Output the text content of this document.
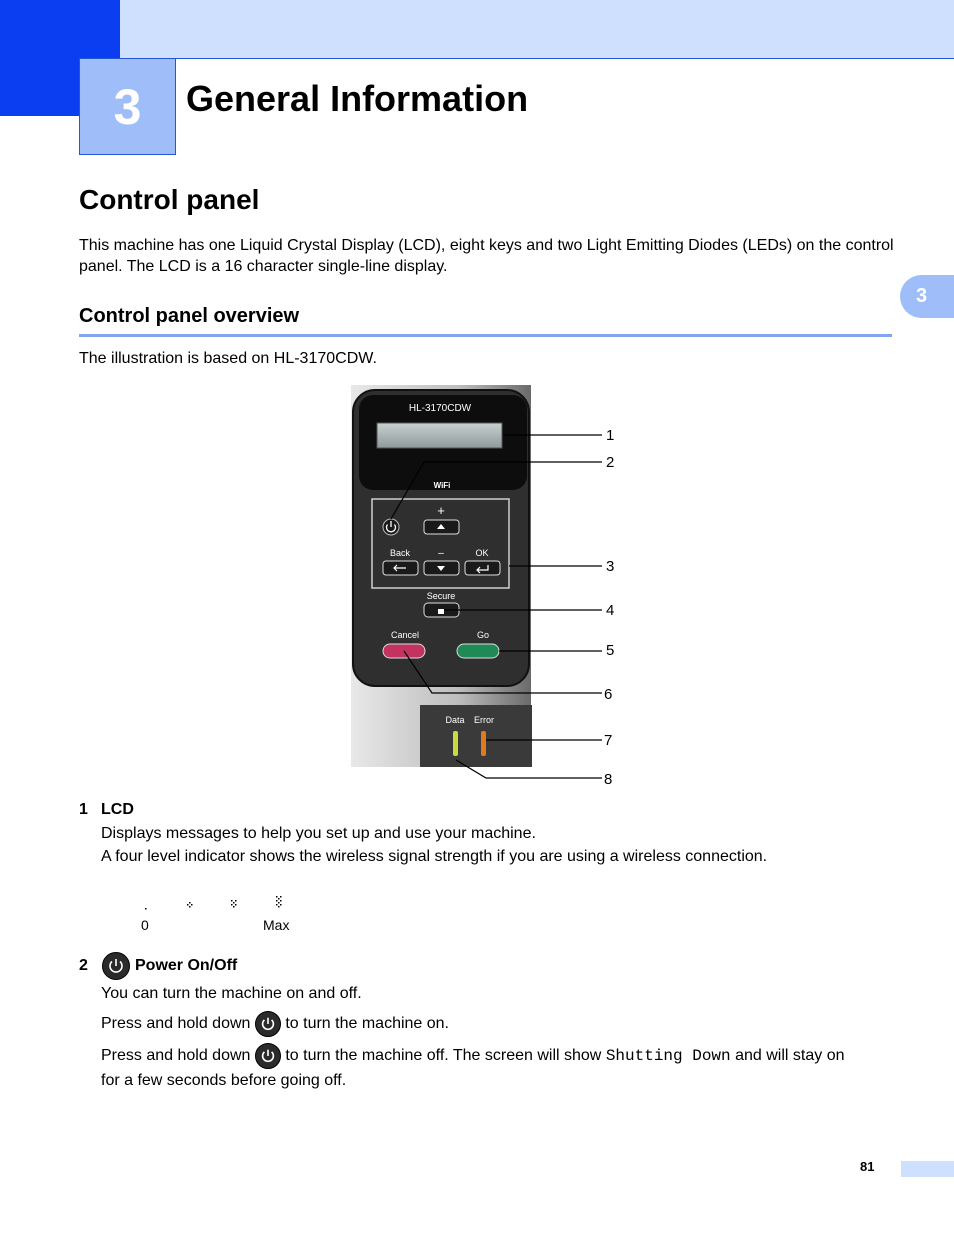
3	General Information
3
Control panel

This machine has one Liquid Crystal Display (LCD), eight keys and two Light Emitting Diodes (LEDs) on the control panel. The LCD is a 16 character single-line display.

Control panel overview

The illustration is based on HL-3170CDW.

HL-3170CDW
WiFi
+
Back	–	OK
Secure
Cancel	Go
Data Error
1
2
3
4
5
6
7
8
1 LCD

Displays messages to help you set up and use your machine.

A four level indicator shows the wireless signal strength if you are using a wireless connection.

0	Max
2	Power On/Off

You can turn the machine on and off.

Press and hold down to turn the machine on.
Press and hold down to turn the machine off. The screen will show Shutting Down and will stay on

for a few seconds before going off.

81
